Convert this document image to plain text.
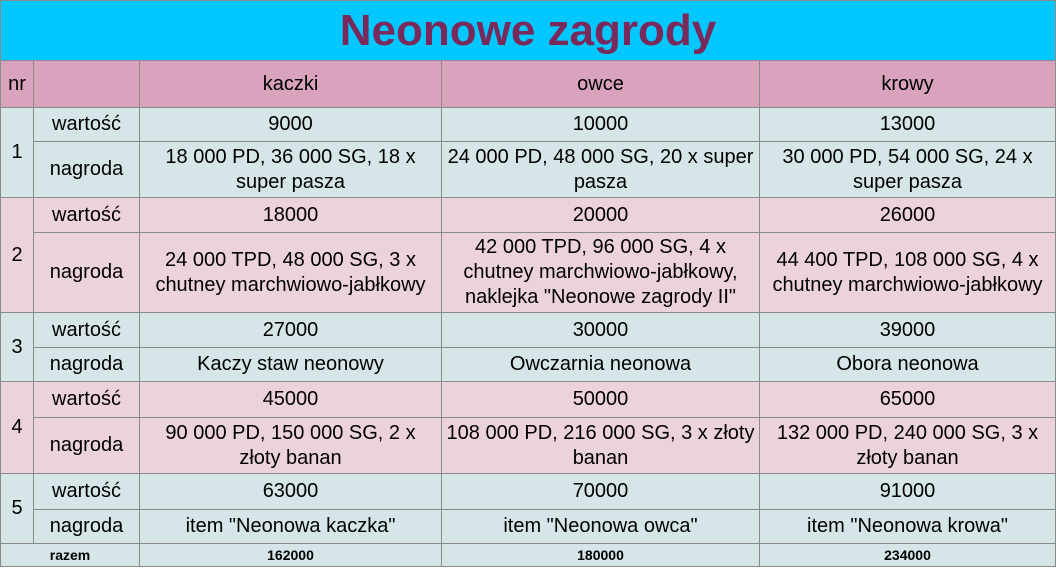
Neonowe zagrody				
nr		kaczki	owce	krowy
1	wartość	9000	10000	13000
	nagroda	18 000 PD, 36 000 SG, 18 x super pasza	24 000 PD, 48 000 SG, 20 x super pasza	30 000 PD, 54 000 SG, 24 x super pasza
2	wartość	18000	20000	26000
	nagroda	24 000 TPD, 48 000 SG, 3 x chutney marchwiowo-jabłkowy	42 000 TPD, 96 000 SG, 4 x chutney marchwiowo-jabłkowy, naklejka "Neonowe zagrody II"	44 400 TPD, 108 000 SG, 4 x chutney marchwiowo-jabłkowy
3	wartość	27000	30000	39000
	nagroda	Kaczy staw neonowy	Owczarnia neonowa	Obora neonowa
4	wartość	45000	50000	65000
	nagroda	90 000 PD, 150 000 SG, 2 x złoty banan	108 000 PD, 216 000 SG, 3 x złoty banan	132 000 PD, 240 000 SG, 3 x złoty banan
5	wartość	63000	70000	91000
	nagroda	item "Neonowa kaczka"	item "Neonowa owca"	item "Neonowa krowa"
razem		162000	180000	234000
